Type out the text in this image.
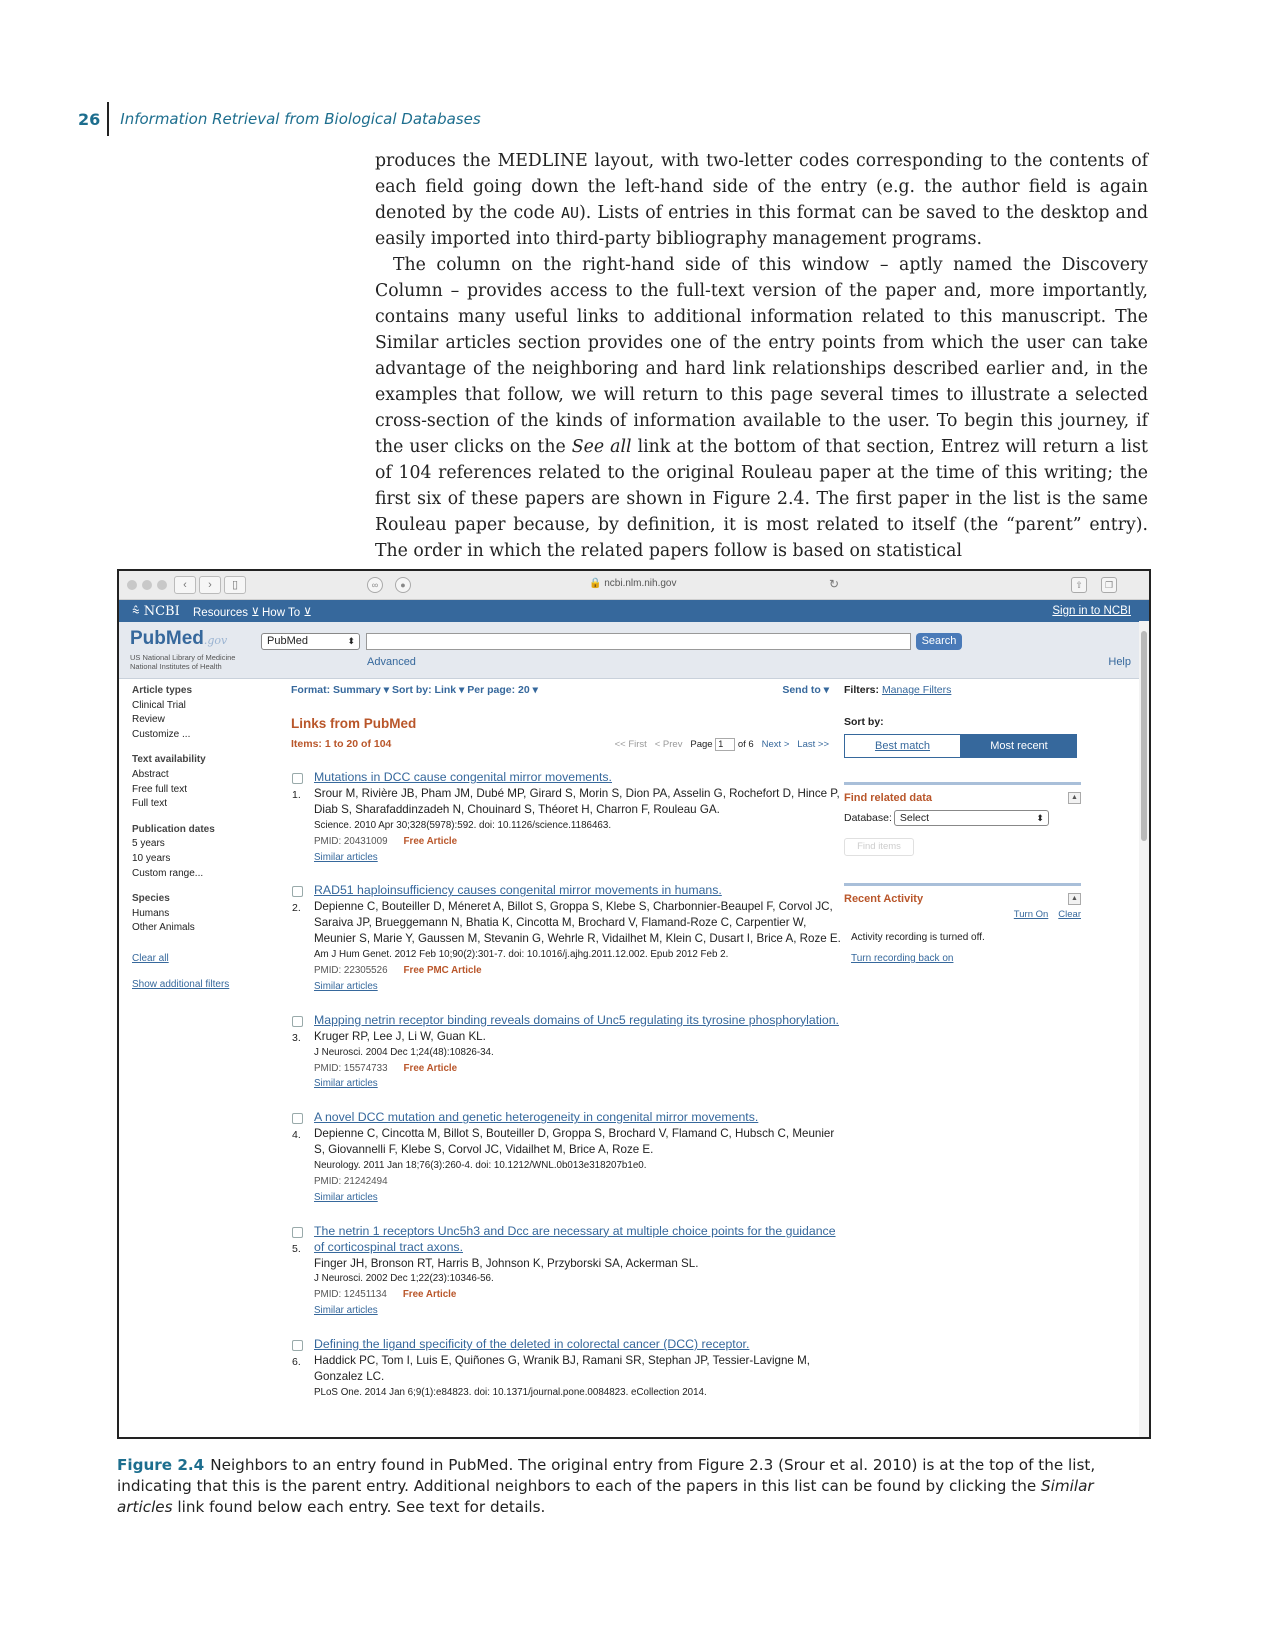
26	Information Retrieval from Biological Databases

produces the MEDLINE layout, with two-letter codes corresponding to the contents of each field going down the left-hand side of the entry (e.g. the author field is again denoted by the code AU). Lists of entries in this format can be saved to the desktop and easily imported into third-party bibliography management programs.

The column on the right-hand side of this window – aptly named the Discovery Column – provides access to the full-text version of the paper and, more importantly, contains many useful links to additional information related to this manuscript. The Similar articles section provides one of the entry points from which the user can take advantage of the neighboring and hard link relationships described earlier and, in the examples that follow, we will return to this page several times to illustrate a selected cross-section of the kinds of information available to the user. To begin this journey, if the user clicks on the See all link at the bottom of that section, Entrez will return a list of 104 references related to the original Rouleau paper at the time of this writing; the first six of these papers are shown in Figure 2.4. The first paper in the list is the same Rouleau paper because, by definition, it is most related to itself (the “parent” entry). The order in which the related papers follow is based on statistical

‹	›	▯	∞	●	🔒 ncbi.nlm.nih.gov	↻	⇧	❐
⩯ NCBI Resources ⊻ How To ⊻	Sign in to NCBI
PubMed.gov
US National Library of Medicine
National Institutes of Health
PubMed	⬍	Search
Advanced	Help
Article types
Clinical Trial
Review
Customize ...
Text availability
Abstract
Free full text
Full text
Publication dates
5 years
10 years
Custom range...
Species
Humans
Other Animals
Clear all
Show additional filters
Format: Summary ▾ Sort by: Link ▾ Per page: 20 ▾	Send to ▾
Links from PubMed
Items: 1 to 20 of 104	<< First < Prev Page 1 of 6 Next > Last >>
Mutations in DCC cause congenital mirror movements.
1. Srour M, Rivière JB, Pham JM, Dubé MP, Girard S, Morin S, Dion PA, Asselin G, Rochefort D, Hince P, Diab S, Sharafaddinzadeh N, Chouinard S, Théoret H, Charron F, Rouleau GA.
Science. 2010 Apr 30;328(5978):592. doi: 10.1126/science.1186463.
PMID: 20431009 Free Article
Similar articles
RAD51 haploinsufficiency causes congenital mirror movements in humans.
2. Depienne C, Bouteiller D, Méneret A, Billot S, Groppa S, Klebe S, Charbonnier-Beaupel F, Corvol JC, Saraiva JP, Brueggemann N, Bhatia K, Cincotta M, Brochard V, Flamand-Roze C, Carpentier W, Meunier S, Marie Y, Gaussen M, Stevanin G, Wehrle R, Vidailhet M, Klein C, Dusart I, Brice A, Roze E.
Am J Hum Genet. 2012 Feb 10;90(2):301-7. doi: 10.1016/j.ajhg.2011.12.002. Epub 2012 Feb 2.
PMID: 22305526 Free PMC Article
Similar articles
Mapping netrin receptor binding reveals domains of Unc5 regulating its tyrosine phosphorylation.
3. Kruger RP, Lee J, Li W, Guan KL.
J Neurosci. 2004 Dec 1;24(48):10826-34.
PMID: 15574733 Free Article
Similar articles
A novel DCC mutation and genetic heterogeneity in congenital mirror movements.
4. Depienne C, Cincotta M, Billot S, Bouteiller D, Groppa S, Brochard V, Flamand C, Hubsch C, Meunier S, Giovannelli F, Klebe S, Corvol JC, Vidailhet M, Brice A, Roze E.
Neurology. 2011 Jan 18;76(3):260-4. doi: 10.1212/WNL.0b013e318207b1e0.
PMID: 21242494
Similar articles
The netrin 1 receptors Unc5h3 and Dcc are necessary at multiple choice points for the guidance of corticospinal tract axons.
5.
Finger JH, Bronson RT, Harris B, Johnson K, Przyborski SA, Ackerman SL.
J Neurosci. 2002 Dec 1;22(23):10346-56.
PMID: 12451134 Free Article
Similar articles
Defining the ligand specificity of the deleted in colorectal cancer (DCC) receptor.
6. Haddick PC, Tom I, Luis E, Quiñones G, Wranik BJ, Ramani SR, Stephan JP, Tessier-Lavigne M, Gonzalez LC.
PLoS One. 2014 Jan 6;9(1):e84823. doi: 10.1371/journal.pone.0084823. eCollection 2014.
Filters: Manage Filters
Sort by:
Best match	Most recent
Find related data	▲
Database: Select	⬍
Find items
Recent Activity	▲
Turn On Clear
Activity recording is turned off.
Turn recording back on
Figure 2.4 Neighbors to an entry found in PubMed. The original entry from Figure 2.3 (Srour et al. 2010) is at the top of the list, indicating that this is the parent entry. Additional neighbors to each of the papers in this list can be found by clicking the Similar articles link found below each entry. See text for details.
